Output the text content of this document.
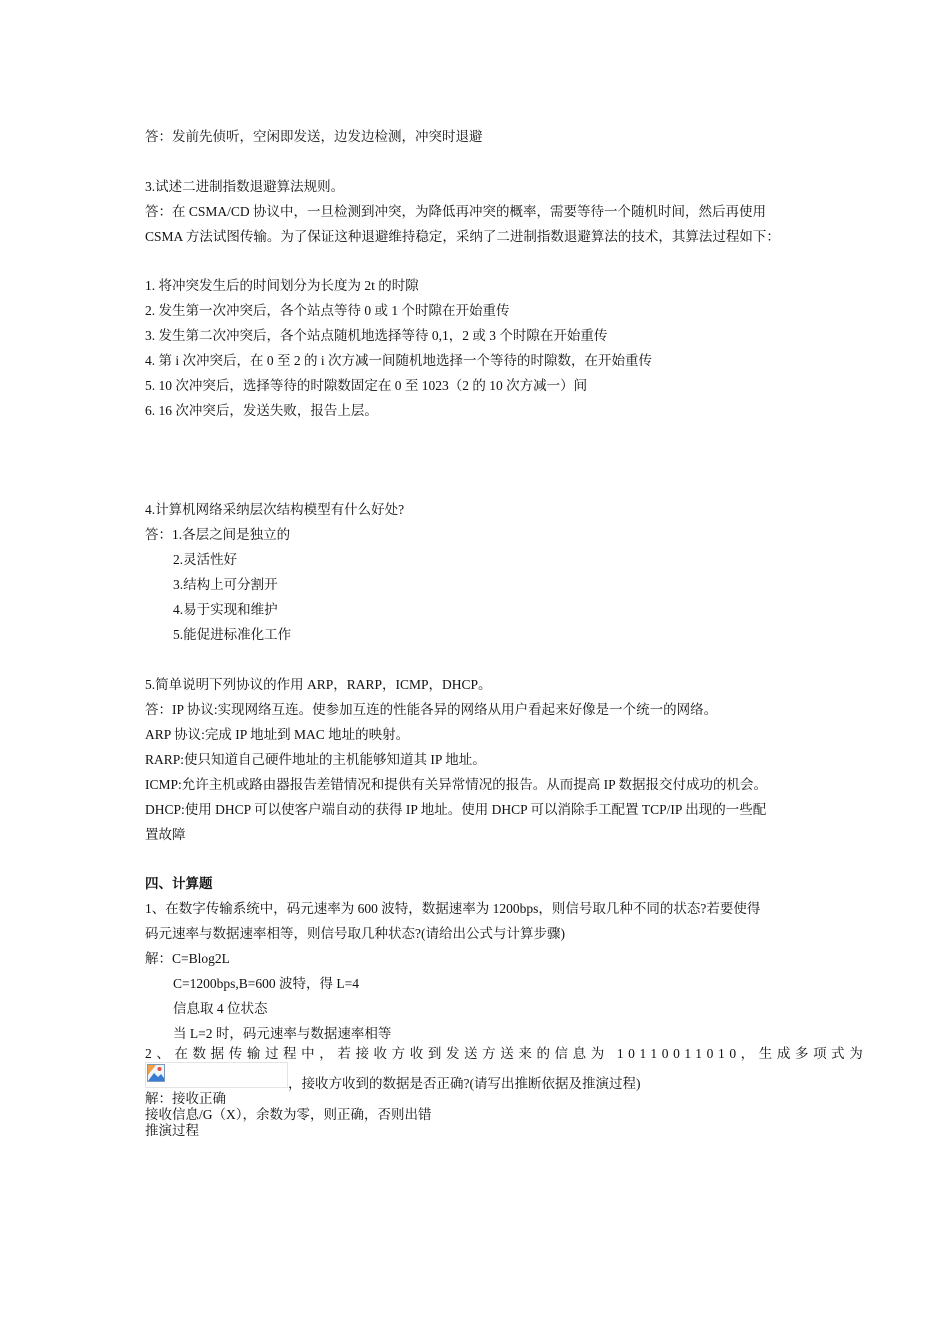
答：发前先侦听，空闲即发送，边发边检测，冲突时退避
3.试述二进制指数退避算法规则。
答：在 CSMA/CD 协议中，一旦检测到冲突，为降低再冲突的概率，需要等待一个随机时间，然后再使用
CSMA 方法试图传输。为了保证这种退避维持稳定，采纳了二进制指数退避算法的技术，其算法过程如下：
1. 将冲突发生后的时间划分为长度为 2t 的时隙
2. 发生第一次冲突后，各个站点等待 0 或 1 个时隙在开始重传
3. 发生第二次冲突后，各个站点随机地选择等待 0,1，2 或 3 个时隙在开始重传
4. 第 i 次冲突后，在 0 至 2 的 i 次方减一间随机地选择一个等待的时隙数，在开始重传
5. 10 次冲突后，选择等待的时隙数固定在 0 至 1023（2 的 10 次方减一）间
6. 16 次冲突后，发送失败，报告上层。
4.计算机网络采纳层次结构模型有什么好处?
答：1.各层之间是独立的
2.灵活性好
3.结构上可分割开
4.易于实现和维护
5.能促进标准化工作
5.简单说明下列协议的作用 ARP，RARP，ICMP，DHCP。
答：IP 协议:实现网络互连。使参加互连的性能各异的网络从用户看起来好像是一个统一的网络。
ARP 协议:完成 IP 地址到 MAC 地址的映射。
RARP:使只知道自己硬件地址的主机能够知道其 IP 地址。
ICMP:允许主机或路由器报告差错情况和提供有关异常情况的报告。从而提高 IP 数据报交付成功的机会。
DHCP:使用 DHCP 可以使客户端自动的获得 IP 地址。使用 DHCP 可以消除手工配置 TCP/IP 出现的一些配
置故障
四、计算题
1、在数字传输系统中，码元速率为 600 波特，数据速率为 1200bps，则信号取几种不同的状态?若要使得
码元速率与数据速率相等，则信号取几种状态?(请给出公式与计算步骤)
解：C=Blog2L
C=1200bps,B=600 波特，得 L=4
信息取 4 位状态
当 L=2 时，码元速率与数据速率相等
2、在数据传输过程中，若接收方收到发送方送来的信息为 10110011010，生成多项式为
，接收方收到的数据是否正确?(请写出推断依据及推演过程)
解：接收正确
接收信息/G（X），余数为零，则正确，否则出错
推演过程
